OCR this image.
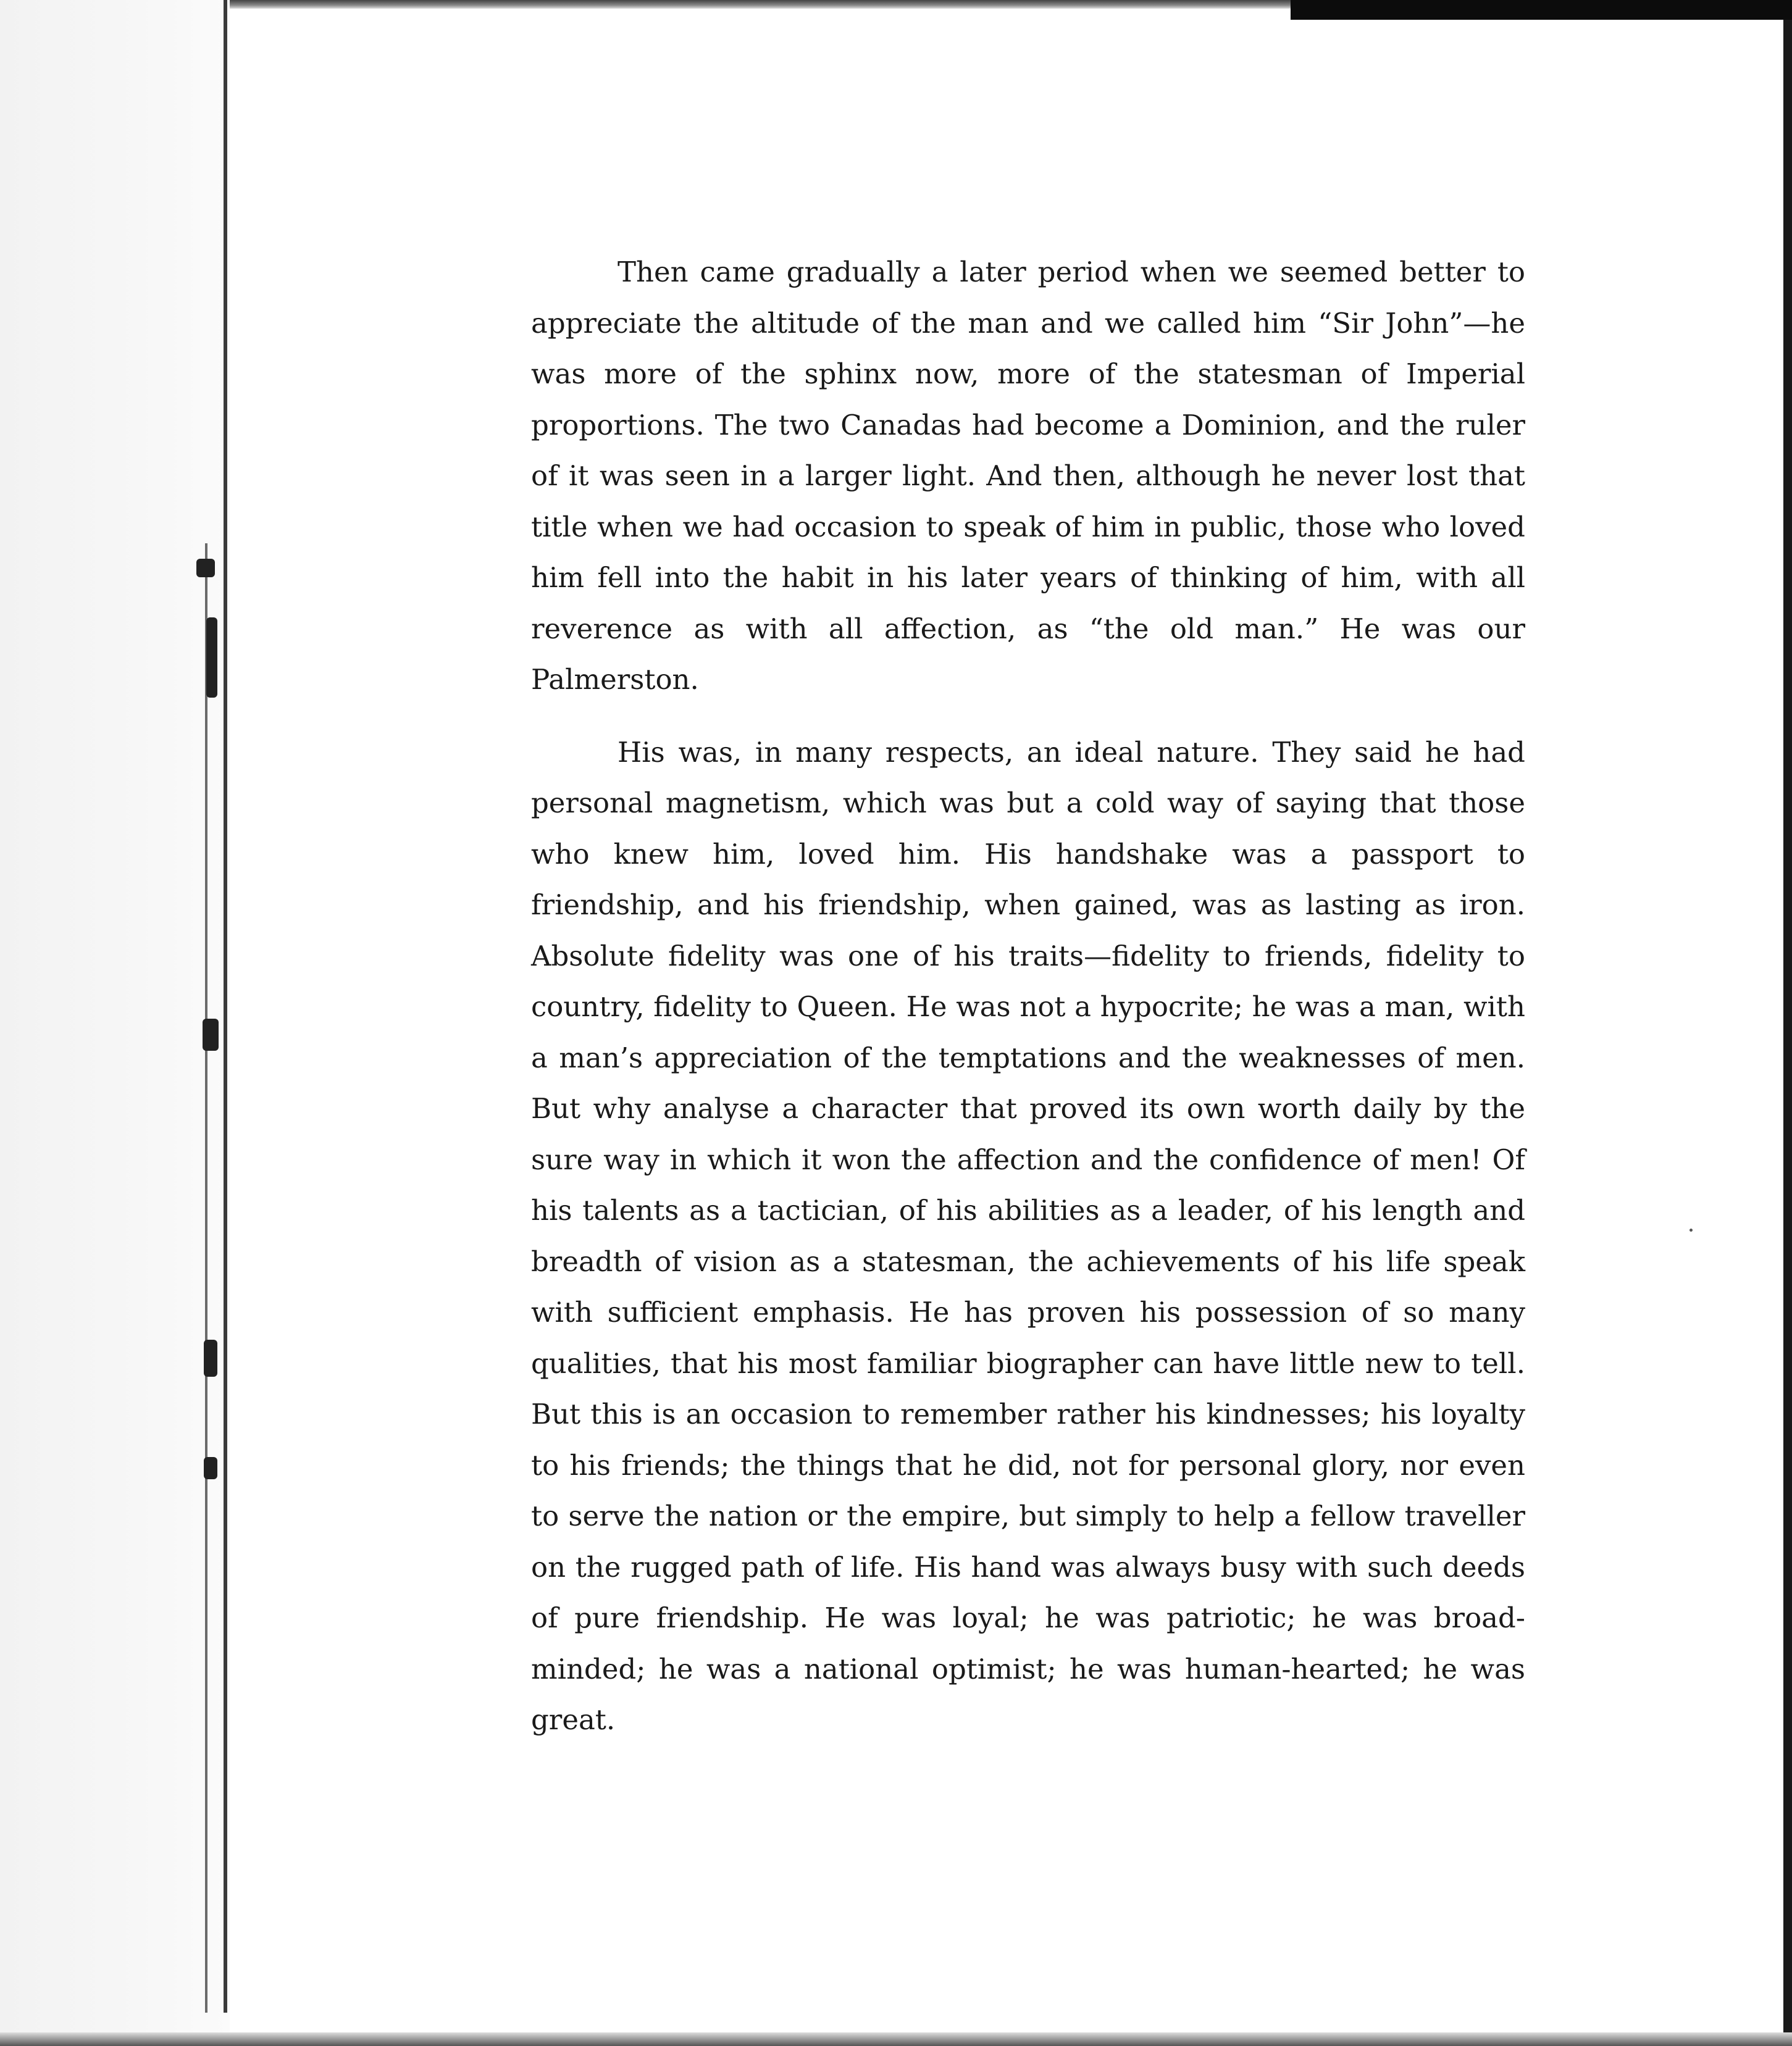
Then came gradually a later period when we seemed better to appreciate the altitude of the man and we called him “Sir John”—he was more of the sphinx now, more of the statesman of Imperial proportions. The two Canadas had become a Dominion, and the ruler of it was seen in a larger light. And then, although he never lost that title when we had occasion to speak of him in public, those who loved him fell into the habit in his later years of thinking of him, with all reverence as with all affection, as “the old man.” He was our Palmerston.

His was, in many respects, an ideal nature. They said he had personal magnetism, which was but a cold way of saying that those who knew him, loved him. His handshake was a passport to friendship, and his friendship, when gained, was as lasting as iron. Absolute fidelity was one of his traits—fidelity to friends, fidelity to country, fidelity to Queen. He was not a hypocrite; he was a man, with a man’s appreciation of the temptations and the weaknesses of men. But why analyse a character that proved its own worth daily by the sure way in which it won the affection and the confidence of men! Of his talents as a tactician, of his abilities as a leader, of his length and breadth of vision as a statesman, the achievements of his life speak with sufficient emphasis. He has proven his possession of so many qualities, that his most familiar biographer can have little new to tell. But this is an occasion to remember rather his kindnesses; his loyalty to his friends; the things that he did, not for personal glory, nor even to serve the nation or the empire, but simply to help a fellow traveller on the rugged path of life. His hand was always busy with such deeds of pure friendship. He was loyal; he was patriotic; he was broad-minded; he was a national optimist; he was human-hearted; he was great.
